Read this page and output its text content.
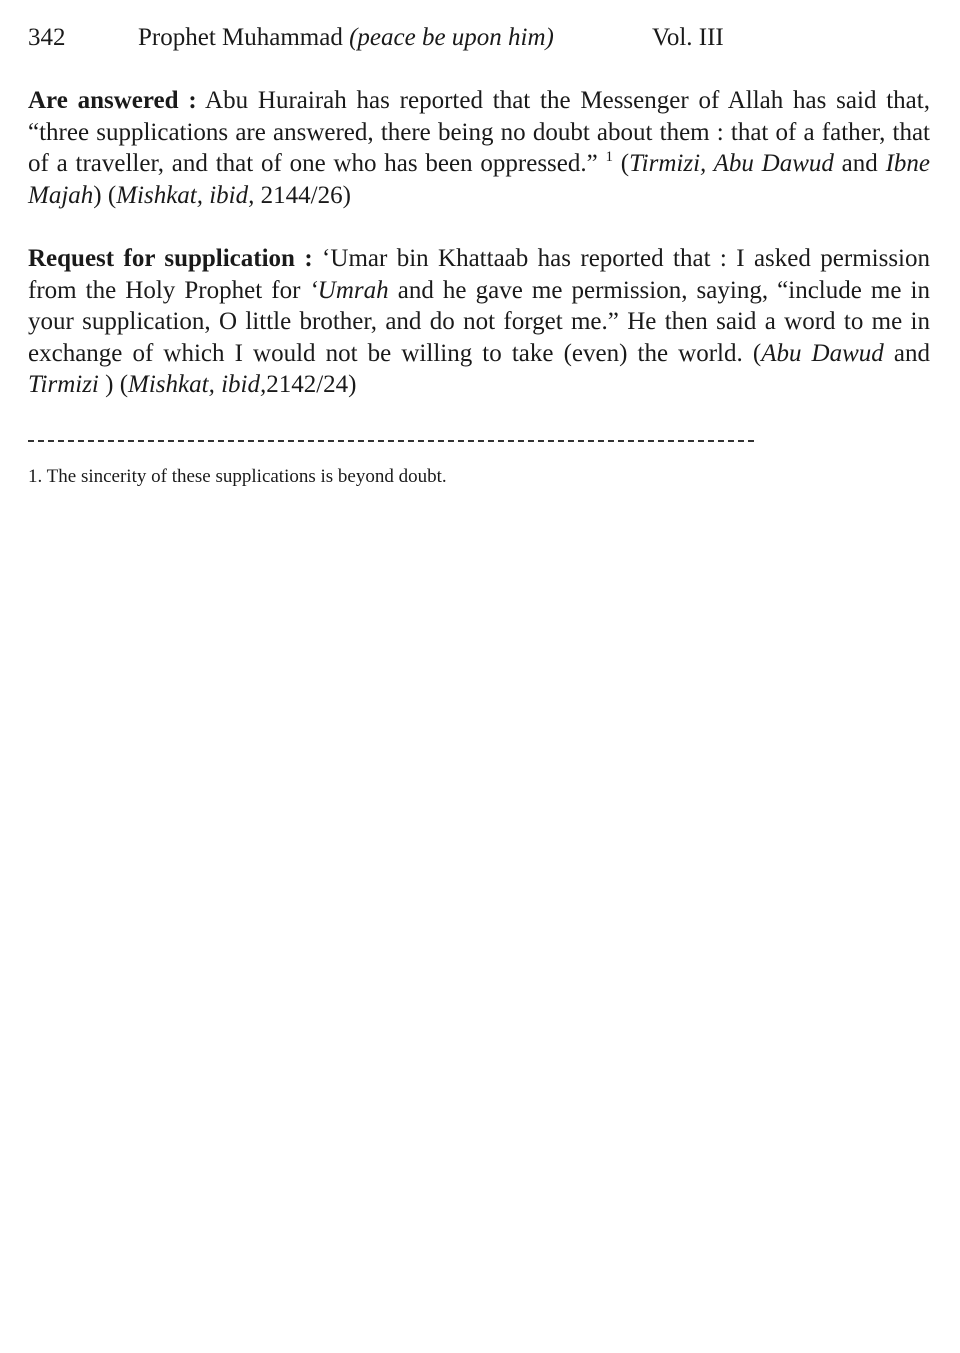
342	Prophet Muhammad (peace be upon him)	Vol. III

Are answered : Abu Hurairah has reported that the Messenger of Allah has said that, “three supplications are answered, there being no doubt about them : that of a father, that of a traveller, and that of one who has been oppressed.” $^1$ (Tirmizi, Abu Dawud and Ibne Majah) (Mishkat, ibid, 2144/26)

Request for supplication : ‘Umar bin Khattaab has reported that : I asked permission from the Holy Prophet for ‘Umrah and he gave me permission, saying, “include me in your supplication, O little brother, and do not forget me.” He then said a word to me in exchange of which I would not be willing to take (even) the world. (Abu Dawud and Tirmizi ) (Mishkat, ibid,2142/24)

1. The sincerity of these supplications is beyond doubt.
